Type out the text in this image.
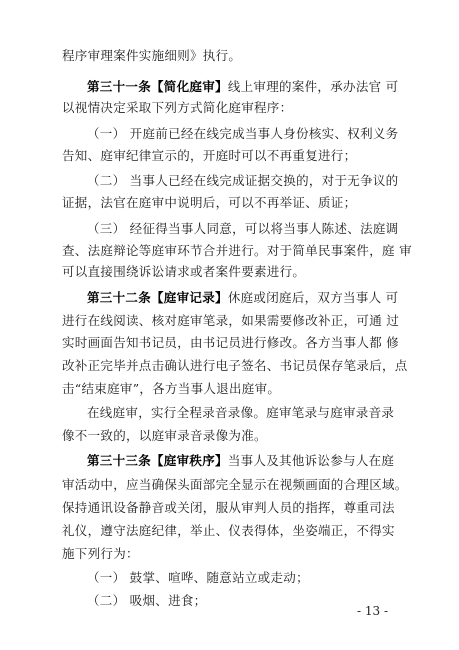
程序审理案件实施细则》执行。
第三十一条【简化庭审】线上审理的案件，承办法官 可
以视情决定采取下列方式简化庭审程序：
（一） 开庭前已经在线完成当事人身份核实、权利义务
告知、庭审纪律宣示的，开庭时可以不再重复进行；
（二） 当事人已经在线完成证据交换的，对于无争议的
证据，法官在庭审中说明后，可以不再举证、质证；
（三） 经征得当事人同意，可以将当事人陈述、法庭调
查、法庭辩论等庭审环节合并进行。对于简单民事案件，庭 审
可以直接围绕诉讼请求或者案件要素进行。
第三十二条【庭审记录】休庭或闭庭后，双方当事人 可
进行在线阅读、核对庭审笔录，如果需要修改补正，可通 过
实时画面告知书记员，由书记员进行修改。各方当事人都 修
改补正完毕并点击确认进行电子签名、书记员保存笔录后，点
击“结束庭审”，各方当事人退出庭审。
在线庭审，实行全程录音录像。庭审笔录与庭审录音录
像不一致的，以庭审录音录像为准。
第三十三条【庭审秩序】当事人及其他诉讼参与人在庭
审活动中，应当确保头面部完全显示在视频画面的合理区域。
保持通讯设备静音或关闭，服从审判人员的指挥，尊重司法
礼仪，遵守法庭纪律，举止、仪表得体，坐姿端正，不得实
施下列行为：
（一） 鼓掌、喧哗、随意站立或走动；
（二） 吸烟、进食；
- 13 -
